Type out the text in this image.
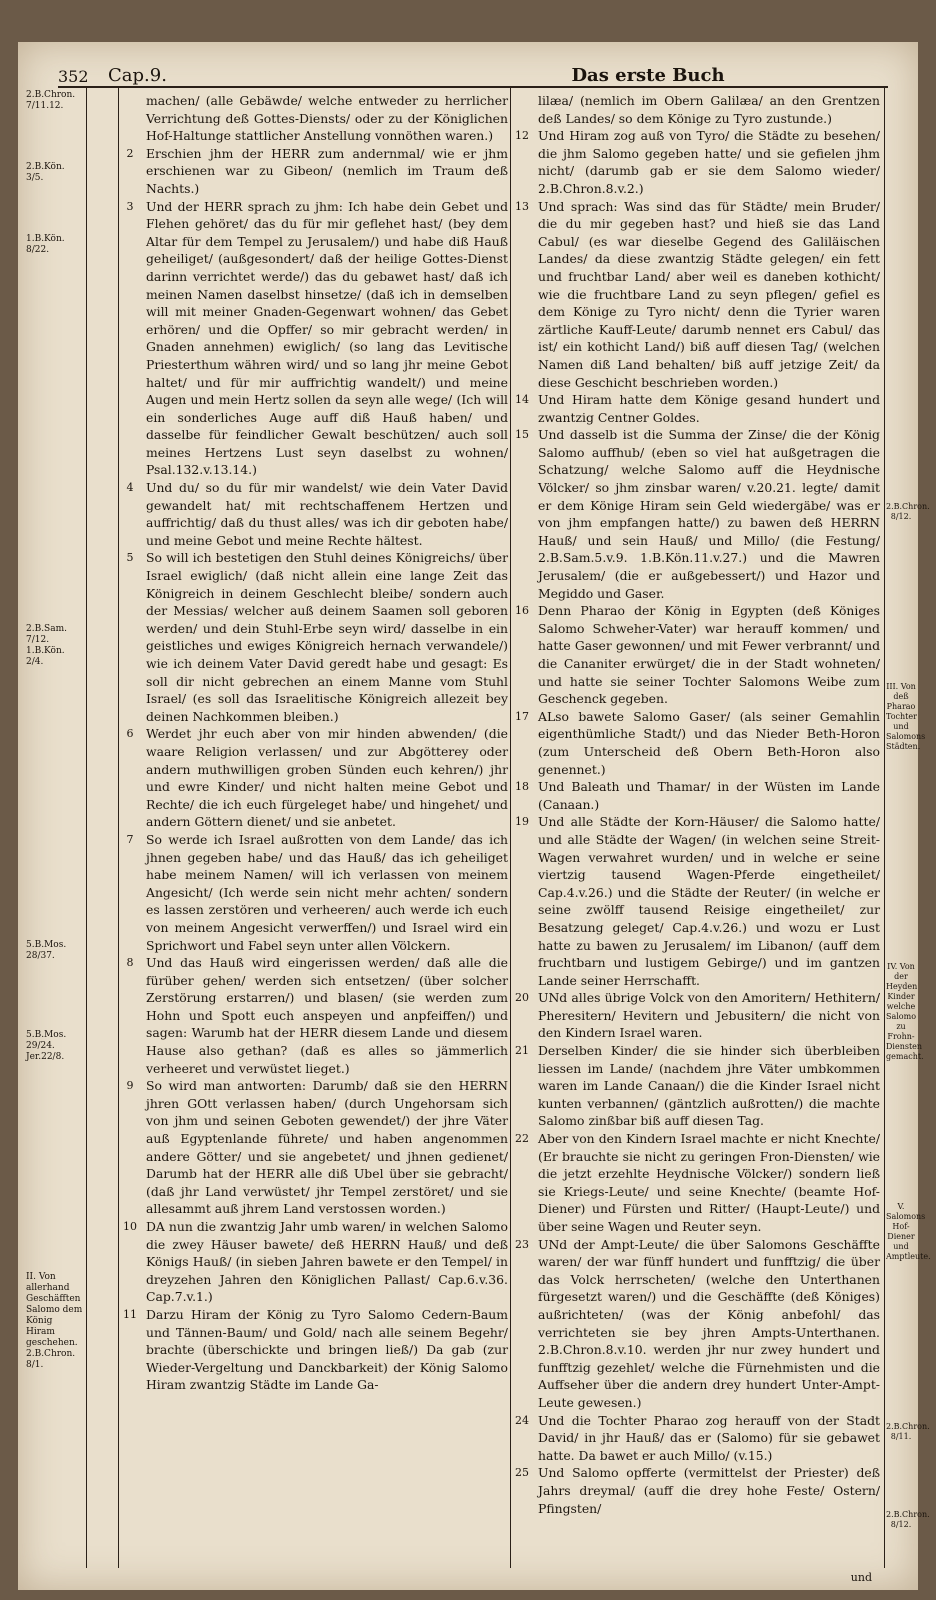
352	Cap.9.	Das erste Buch
2.B.Chron. 7/11.12.
2.B.Kön. 3/5.
1.B.Kön. 8/22.
2.B.Sam. 7/12. 1.B.Kön. 2/4.
5.B.Mos. 28/37.
5.B.Mos. 29/24. Jer.22/8.
II. Von allerhand Geschäfften Salomo dem König Hiram geschehen. 2.B.Chron. 8/1.
2.B.Chron. 8/12.
III. Von deß Pharao Tochter und Salomons Städten.
IV. Von der Heyden Kinder welche Salomo zu Frohn-Diensten gemacht.
V. Salomons Hof-Diener und Amptleute.
2.B.Chron. 8/11.
2.B.Chron. 8/12.

machen/ (alle Gebäwde/ welche entweder zu herrlicher Verrichtung deß Gottes-Diensts/ oder zu der Königlichen Hof-Haltunge stattlicher Anstellung vonnöthen waren.)

2	Erschien jhm der HERR zum andernmal/ wie er jhm erschienen war zu Gibeon/ (nemlich im Traum deß Nachts.)

3	Und der HERR sprach zu jhm: Ich habe dein Gebet und Flehen gehöret/ das du für mir geflehet hast/ (bey dem Altar für dem Tempel zu Jerusalem/) und habe diß Hauß geheiliget/ (außgesondert/ daß der heilige Gottes-Dienst darinn verrichtet werde/) das du gebawet hast/ daß ich meinen Namen daselbst hinsetze/ (daß ich in demselben will mit meiner Gnaden-Gegenwart wohnen/ das Gebet erhören/ und die Opffer/ so mir gebracht werden/ in Gnaden annehmen) ewiglich/ (so lang das Levitische Priesterthum währen wird/ und so lang jhr meine Gebot haltet/ und für mir auffrichtig wandelt/) und meine Augen und mein Hertz sollen da seyn alle wege/ (Ich will ein sonderliches Auge auff diß Hauß haben/ und dasselbe für feindlicher Gewalt beschützen/ auch soll meines Hertzens Lust seyn daselbst zu wohnen/ Psal.132.v.13.14.)

4	Und du/ so du für mir wandelst/ wie dein Vater David gewandelt hat/ mit rechtschaffenem Hertzen und auffrichtig/ daß du thust alles/ was ich dir geboten habe/ und meine Gebot und meine Rechte hältest.

5	So will ich bestetigen den Stuhl deines Königreichs/ über Israel ewiglich/ (daß nicht allein eine lange Zeit das Königreich in deinem Geschlecht bleibe/ sondern auch der Messias/ welcher auß deinem Saamen soll geboren werden/ und dein Stuhl-Erbe seyn wird/ dasselbe in ein geistliches und ewiges Königreich hernach verwandele/) wie ich deinem Vater David geredt habe und gesagt: Es soll dir nicht gebrechen an einem Manne vom Stuhl Israel/ (es soll das Israelitische Königreich allezeit bey deinen Nachkommen bleiben.)

6	Werdet jhr euch aber von mir hinden abwenden/ (die waare Religion verlassen/ und zur Abgötterey oder andern muthwilligen groben Sünden euch kehren/) jhr und ewre Kinder/ und nicht halten meine Gebot und Rechte/ die ich euch fürgeleget habe/ und hingehet/ und andern Göttern dienet/ und sie anbetet.

7	So werde ich Israel außrotten von dem Lande/ das ich jhnen gegeben habe/ und das Hauß/ das ich geheiliget habe meinem Namen/ will ich verlassen von meinem Angesicht/ (Ich werde sein nicht mehr achten/ sondern es lassen zerstören und verheeren/ auch werde ich euch von meinem Angesicht verwerffen/) und Israel wird ein Sprichwort und Fabel seyn unter allen Völckern.

8	Und das Hauß wird eingerissen werden/ daß alle die fürüber gehen/ werden sich entsetzen/ (über solcher Zerstörung erstarren/) und blasen/ (sie werden zum Hohn und Spott euch anspeyen und anpfeiffen/) und sagen: Warumb hat der HERR diesem Lande und diesem Hause also gethan? (daß es alles so jämmerlich verheeret und verwüstet lieget.)

9	So wird man antworten: Darumb/ daß sie den HERRN jhren GOtt verlassen haben/ (durch Ungehorsam sich von jhm und seinen Geboten gewendet/) der jhre Väter auß Egyptenlande führete/ und haben angenommen andere Götter/ und sie angebetet/ und jhnen gedienet/ Darumb hat der HERR alle diß Ubel über sie gebracht/ (daß jhr Land verwüstet/ jhr Tempel zerstöret/ und sie allesammt auß jhrem Land verstossen worden.)

10 DA nun die zwantzig Jahr umb waren/ in welchen Salomo die zwey Häuser bawete/ deß HERRN Hauß/ und deß Königs Hauß/ (in sieben Jahren bawete er den Tempel/ in dreyzehen Jahren den Königlichen Pallast/ Cap.6.v.36. Cap.7.v.1.)

11 Darzu Hiram der König zu Tyro Salomo Cedern-Baum und Tännen-Baum/ und Gold/ nach alle seinem Begehr/ brachte (überschickte und bringen ließ/) Da gab (zur Wieder-Vergeltung und Danckbarkeit) der König Salomo Hiram zwantzig Städte im Lande Ga-

lilæa/ (nemlich im Obern Galilæa/ an den Grentzen deß Landes/ so dem Könige zu Tyro zustunde.)

12 Und Hiram zog auß von Tyro/ die Städte zu besehen/ die jhm Salomo gegeben hatte/ und sie gefielen jhm nicht/ (darumb gab er sie dem Salomo wieder/ 2.B.Chron.8.v.2.)

13 Und sprach: Was sind das für Städte/ mein Bruder/ die du mir gegeben hast? und hieß sie das Land Cabul/ (es war dieselbe Gegend des Galiläischen Landes/ da diese zwantzig Städte gelegen/ ein fett und fruchtbar Land/ aber weil es daneben kothicht/ wie die fruchtbare Land zu seyn pflegen/ gefiel es dem Könige zu Tyro nicht/ denn die Tyrier waren zärtliche Kauff-Leute/ darumb nennet ers Cabul/ das ist/ ein kothicht Land/) biß auff diesen Tag/ (welchen Namen diß Land behalten/ biß auff jetzige Zeit/ da diese Geschicht beschrieben worden.)

14 Und Hiram hatte dem Könige gesand hundert und zwantzig Centner Goldes.

15 Und dasselb ist die Summa der Zinse/ die der König Salomo auffhub/ (eben so viel hat außgetragen die Schatzung/ welche Salomo auff die Heydnische Völcker/ so jhm zinsbar waren/ v.20.21. legte/ damit er dem Könige Hiram sein Geld wiedergäbe/ was er von jhm empfangen hatte/) zu bawen deß HERRN Hauß/ und sein Hauß/ und Millo/ (die Festung/ 2.B.Sam.5.v.9. 1.B.Kön.11.v.27.) und die Mawren Jerusalem/ (die er außgebessert/) und Hazor und Megiddo und Gaser.

16 Denn Pharao der König in Egypten (deß Königes Salomo Schweher-Vater) war herauff kommen/ und hatte Gaser gewonnen/ und mit Fewer verbrannt/ und die Cananiter erwürget/ die in der Stadt wohneten/ und hatte sie seiner Tochter Salomons Weibe zum Geschenck gegeben.

17 ALso bawete Salomo Gaser/ (als seiner Gemahlin eigenthümliche Stadt/) und das Nieder Beth-Horon (zum Unterscheid deß Obern Beth-Horon also genennet.)

18 Und Baleath und Thamar/ in der Wüsten im Lande (Canaan.)

19 Und alle Städte der Korn-Häuser/ die Salomo hatte/ und alle Städte der Wagen/ (in welchen seine Streit-Wagen verwahret wurden/ und in welche er seine viertzig tausend Wagen-Pferde eingetheilet/ Cap.4.v.26.) und die Städte der Reuter/ (in welche er seine zwölff tausend Reisige eingetheilet/ zur Besatzung geleget/ Cap.4.v.26.) und wozu er Lust hatte zu bawen zu Jerusalem/ im Libanon/ (auff dem fruchtbarn und lustigem Gebirge/) und im gantzen Lande seiner Herrschafft.

20 UNd alles übrige Volck von den Amoritern/ Hethitern/ Pheresitern/ Hevitern und Jebusitern/ die nicht von den Kindern Israel waren.

21 Derselben Kinder/ die sie hinder sich überbleiben liessen im Lande/ (nachdem jhre Väter umbkommen waren im Lande Canaan/) die die Kinder Israel nicht kunten verbannen/ (gäntzlich außrotten/) die machte Salomo zinßbar biß auff diesen Tag.

22 Aber von den Kindern Israel machte er nicht Knechte/ (Er brauchte sie nicht zu geringen Fron-Diensten/ wie die jetzt erzehlte Heydnische Völcker/) sondern ließ sie Kriegs-Leute/ und seine Knechte/ (beamte Hof-Diener) und Fürsten und Ritter/ (Haupt-Leute/) und über seine Wagen und Reuter seyn.

23 UNd der Ampt-Leute/ die über Salomons Geschäffte waren/ der war fünff hundert und funfftzig/ die über das Volck herrscheten/ (welche den Unterthanen fürgesetzt waren/) und die Geschäffte (deß Königes) außrichteten/ (was der König anbefohl/ das verrichteten sie bey jhren Ampts-Unterthanen. 2.B.Chron.8.v.10. werden jhr nur zwey hundert und funfftzig gezehlet/ welche die Fürnehmisten und die Auffseher über die andern drey hundert Unter-Ampt-Leute gewesen.)

24 Und die Tochter Pharao zog herauff von der Stadt David/ in jhr Hauß/ das er (Salomo) für sie gebawet hatte. Da bawet er auch Millo/ (v.15.)

25 Und Salomo opfferte (vermittelst der Priester) deß Jahrs dreymal/ (auff die drey hohe Feste/ Ostern/ Pfingsten/

und
